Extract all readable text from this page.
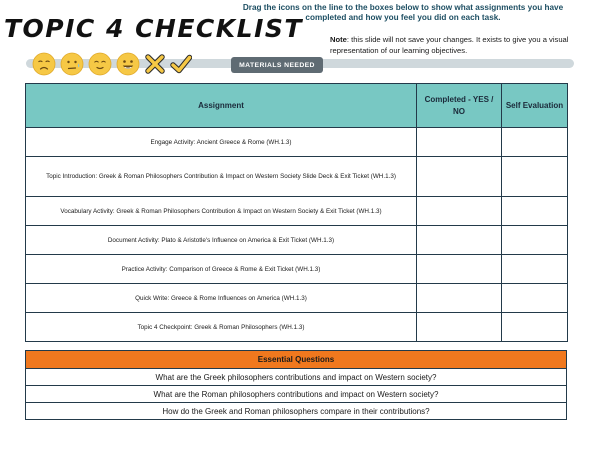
Drag the icons on the line to the boxes below to show what assignments you have completed and how you feel you did on each task.
TOPIC 4 CHECKLIST	Note: this slide will not save your changes. It exists to give you a visual representation of our learning objectives.
MATERIALS NEEDED
Assignment	Completed - YES / NO	Self Evaluation
Engage Activity: Ancient Greece & Rome (WH.1.3)		
Topic Introduction: Greek & Roman Philosophers Contribution & Impact on Western Society Slide Deck & Exit Ticket (WH.1.3)		
Vocabulary Activity: Greek & Roman Philosophers Contribution & Impact on Western Society & Exit Ticket (WH.1.3)		
Document Activity: Plato & Aristotle's Influence on America & Exit Ticket (WH.1.3)		
Practice Activity: Comparison of Greece & Rome & Exit Ticket (WH.1.3)		
Quick Write: Greece & Rome Influences on America (WH.1.3)		
Topic 4 Checkpoint: Greek & Roman Philosophers (WH.1.3)		
Essential Questions
What are the Greek philosophers contributions and impact on Western society?
What are the Roman philosophers contributions and impact on Western society?
How do the Greek and Roman philosophers compare in their contributions?
